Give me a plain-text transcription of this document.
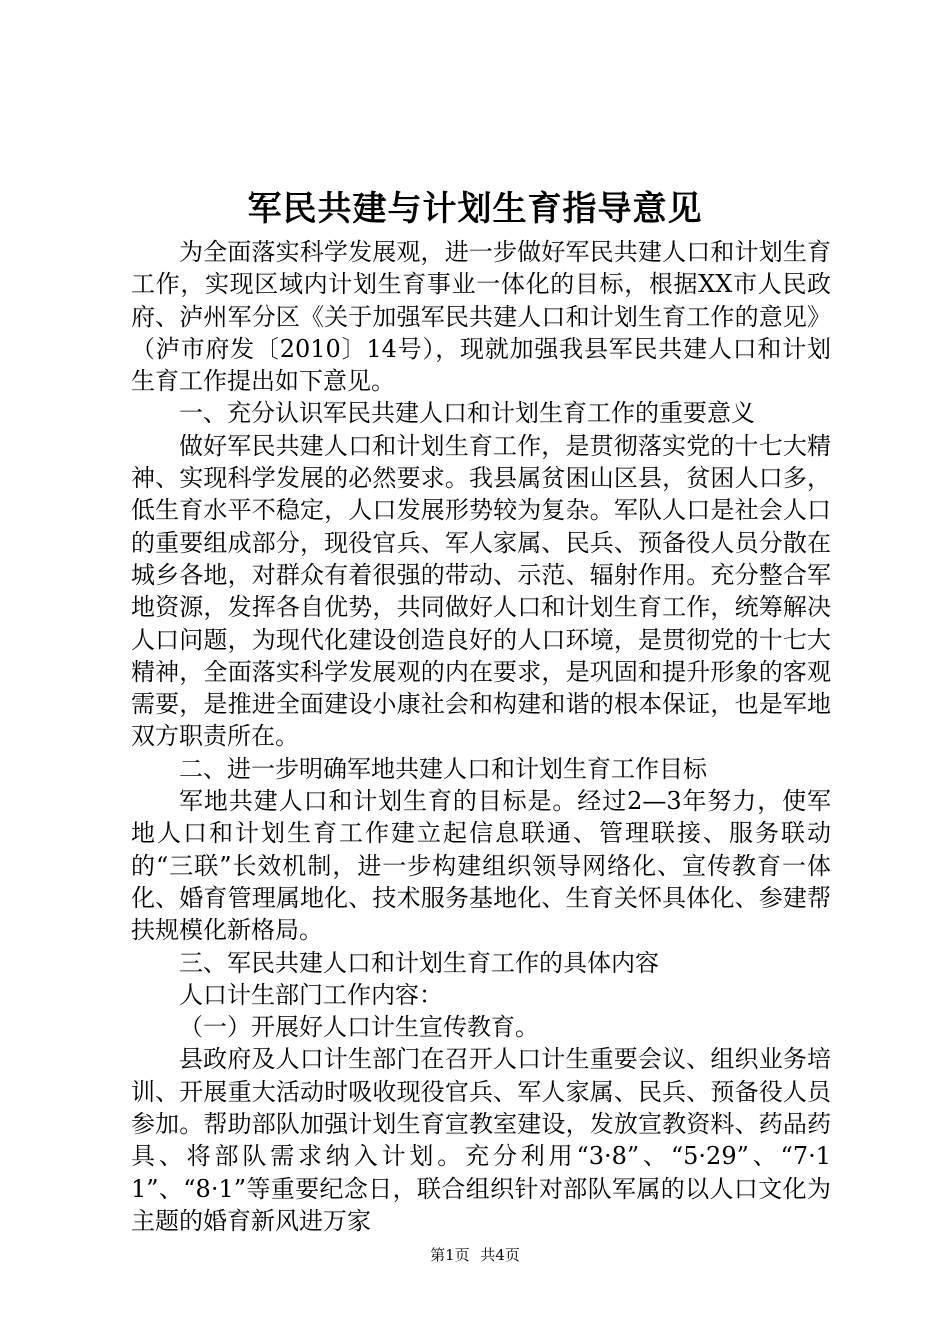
军民共建与计划生育指导意见

为全面落实科学发展观，进一步做好军民共建人口和计划生育工作，实现区域内计划生育事业一体化的目标，根据XX市人民政府、泸州军分区《关于加强军民共建人口和计划生育工作的意见》（泸市府发〔2010〕14号），现就加强我县军民共建人口和计划生育工作提出如下意见。

一、充分认识军民共建人口和计划生育工作的重要意义

做好军民共建人口和计划生育工作，是贯彻落实党的十七大精神、实现科学发展的必然要求。我县属贫困山区县，贫困人口多，低生育水平不稳定，人口发展形势较为复杂。军队人口是社会人口的重要组成部分，现役官兵、军人家属、民兵、预备役人员分散在城乡各地，对群众有着很强的带动、示范、辐射作用。充分整合军地资源，发挥各自优势，共同做好人口和计划生育工作，统筹解决人口问题，为现代化建设创造良好的人口环境，是贯彻党的十七大精神，全面落实科学发展观的内在要求，是巩固和提升形象的客观需要，是推进全面建设小康社会和构建和谐的根本保证，也是军地双方职责所在。

二、进一步明确军地共建人口和计划生育工作目标

军地共建人口和计划生育的目标是。经过2—3年努力，使军地人口和计划生育工作建立起信息联通、管理联接、服务联动的“三联”长效机制，进一步构建组织领导网络化、宣传教育一体化、婚育管理属地化、技术服务基地化、生育关怀具体化、参建帮扶规模化新格局。

三、军民共建人口和计划生育工作的具体内容

人口计生部门工作内容：

（一）开展好人口计生宣传教育。

县政府及人口计生部门在召开人口计生重要会议、组织业务培训、开展重大活动时吸收现役官兵、军人家属、民兵、预备役人员参加。帮助部队加强计划生育宣教室建设，发放宣教资料、药品药具、将部队需求纳入计划。充分利用“3·8”、“5·29”、“7·11”、“8·1”等重要纪念日，联合组织针对部队军属的以人口文化为主题的婚育新风进万家

第1页 共4页
